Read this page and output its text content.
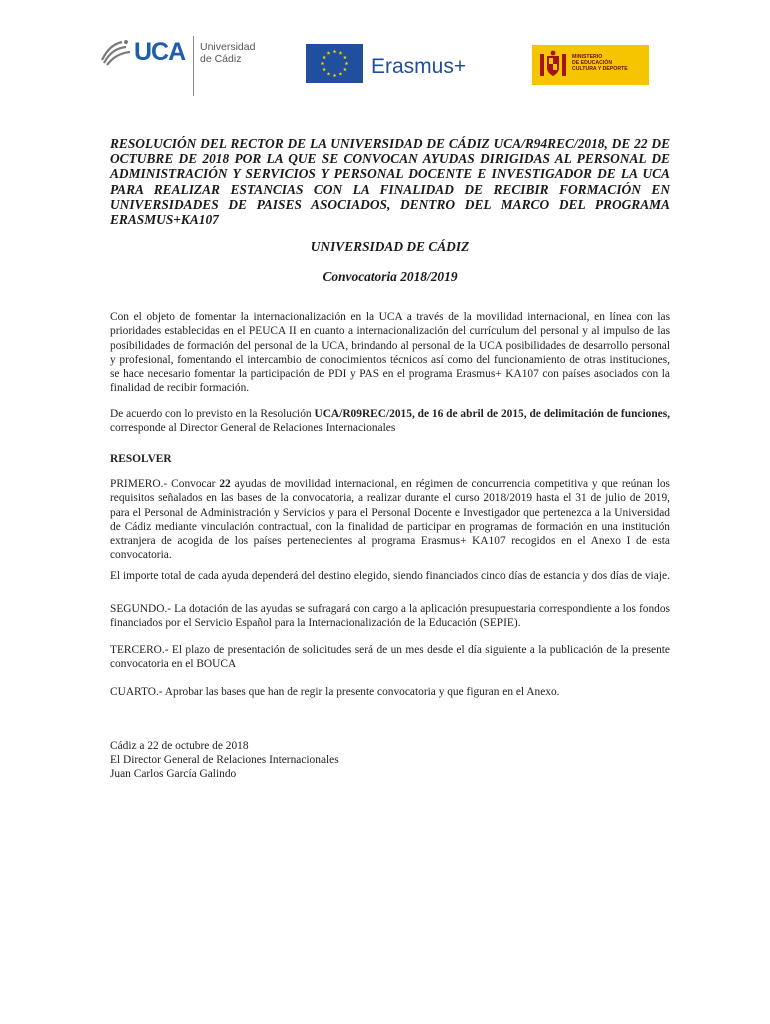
UCA Universidad
de Cádiz	Erasmus+	MINISTERIO
DE EDUCACIÓN
CULTURA Y DEPORTE

RESOLUCIÓN DEL RECTOR DE LA UNIVERSIDAD DE CÁDIZ UCA/R94REC/2018, DE 22 DE OCTUBRE DE 2018 POR LA QUE SE CONVOCAN AYUDAS DIRIGIDAS AL PERSONAL DE ADMINISTRACIÓN Y SERVICIOS Y PERSONAL DOCENTE E INVESTIGADOR DE LA UCA PARA REALIZAR ESTANCIAS CON LA FINALIDAD DE RECIBIR FORMACIÓN EN UNIVERSIDADES DE PAISES ASOCIADOS, DENTRO DEL MARCO DEL PROGRAMA ERASMUS+KA107

UNIVERSIDAD DE CÁDIZ

Convocatoria 2018/2019

Con el objeto de fomentar la internacionalización en la UCA a través de la movilidad internacional, en línea con las prioridades establecidas en el PEUCA II en cuanto a internacionalización del currículum del personal y al impulso de las posibilidades de formación del personal de la UCA, brindando al personal de la UCA posibilidades de desarrollo personal y profesional, fomentando el intercambio de conocimientos técnicos así como del funcionamiento de otras instituciones, se hace necesario fomentar la participación de PDI y PAS en el programa Erasmus+ KA107 con países asociados con la finalidad de recibir formación.

De acuerdo con lo previsto en la Resolución UCA/R09REC/2015, de 16 de abril de 2015, de delimitación de funciones, corresponde al Director General de Relaciones Internacionales

RESOLVER

PRIMERO.- Convocar 22 ayudas de movilidad internacional, en régimen de concurrencia competitiva y que reúnan los requisitos señalados en las bases de la convocatoria, a realizar durante el curso 2018/2019 hasta el 31 de julio de 2019, para el Personal de Administración y Servicios y para el Personal Docente e Investigador que pertenezca a la Universidad de Cádiz mediante vinculación contractual, con la finalidad de participar en programas de formación en una institución extranjera de acogida de los países pertenecientes al programa Erasmus+ KA107 recogidos en el Anexo I de esta convocatoria.

El importe total de cada ayuda dependerá del destino elegido, siendo financiados cinco días de estancia y dos días de viaje.

SEGUNDO.- La dotación de las ayudas se sufragará con cargo a la aplicación presupuestaria correspondiente a los fondos financiados por el Servicio Español para la Internacionalización de la Educación (SEPIE).

TERCERO.- El plazo de presentación de solicitudes será de un mes desde el día siguiente a la publicación de la presente convocatoria en el BOUCA

CUARTO.- Aprobar las bases que han de regir la presente convocatoria y que figuran en el Anexo.

Cádiz a 22 de octubre de 2018

El Director General de Relaciones Internacionales

Juan Carlos García Galindo
